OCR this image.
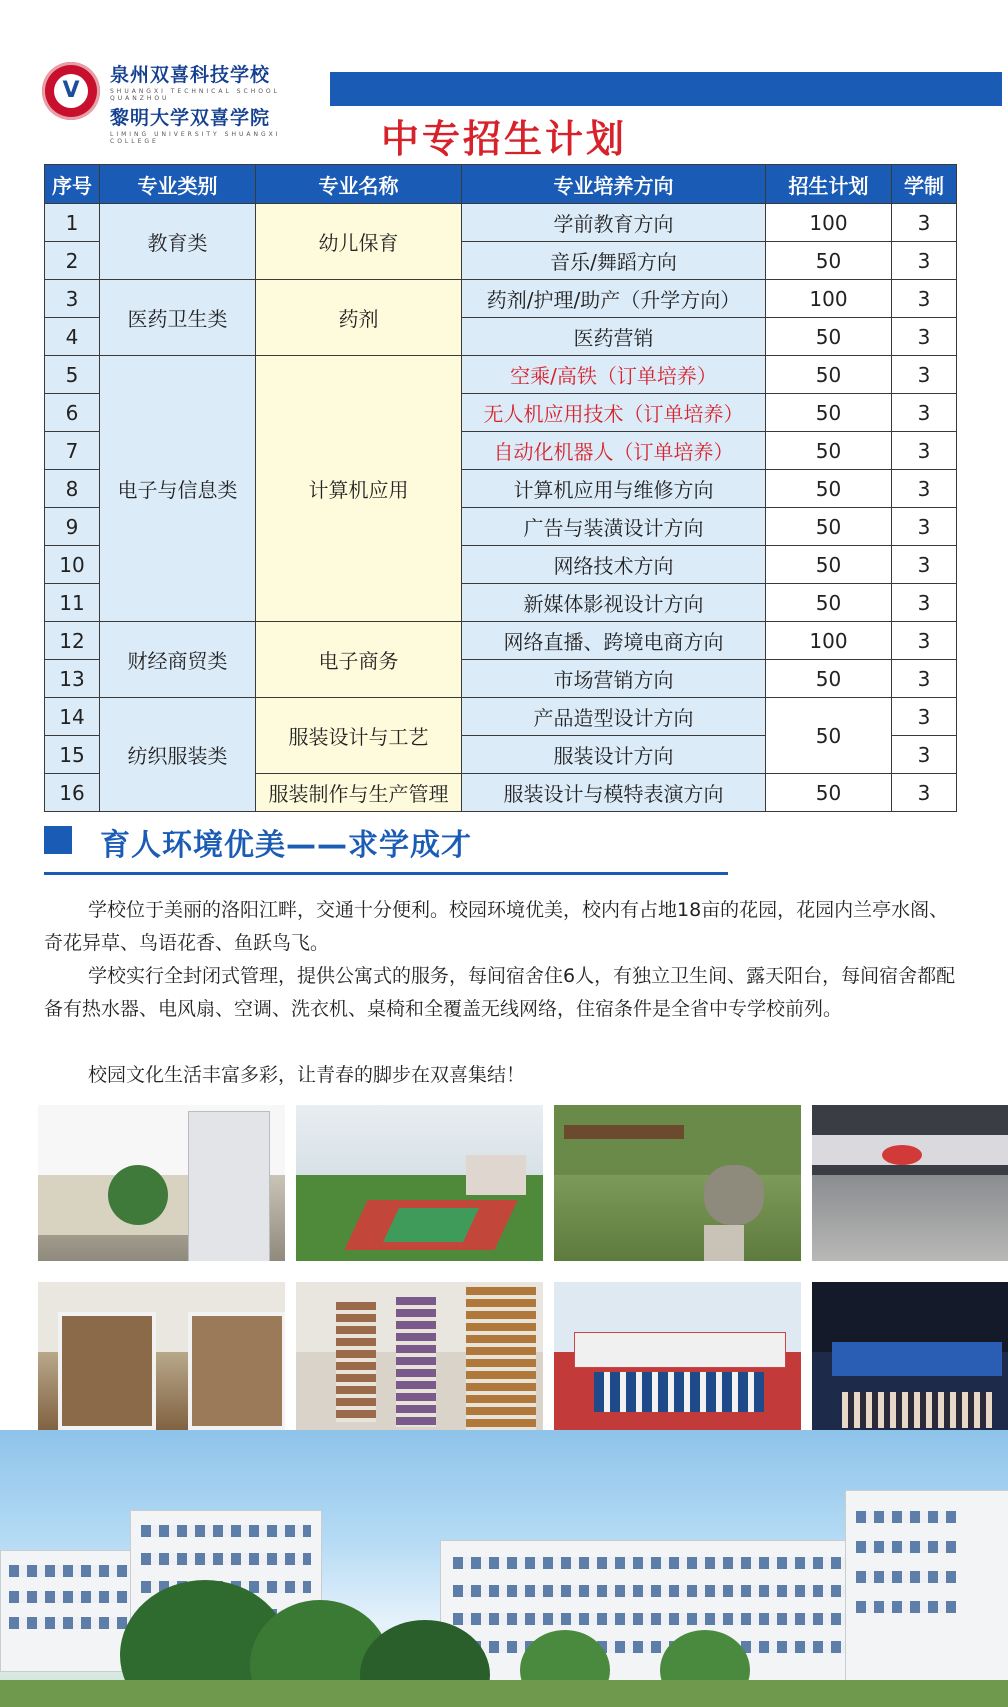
V
泉州双喜科技学校
SHUANGXI TECHNICAL SCHOOL QUANZHOU
黎明大学双喜学院
LIMING UNIVERSITY SHUANGXI COLLEGE	中专招生计划
序号	专业类别	专业名称	专业培养方向	招生计划	学制
1	教育类	幼儿保育	学前教育方向	100	3
2			音乐/舞蹈方向	50	3
3	医药卫生类	药剂	药剂/护理/助产（升学方向）	100	3
4			医药营销	50	3
5	电子与信息类	计算机应用	空乘/高铁（订单培养）	50	3
6			无人机应用技术（订单培养）	50	3
7			自动化机器人（订单培养）	50	3
8			计算机应用与维修方向	50	3
9			广告与装潢设计方向	50	3
10			网络技术方向	50	3
11			新媒体影视设计方向	50	3
12	财经商贸类	电子商务	网络直播、跨境电商方向	100	3
13			市场营销方向	50	3
14	纺织服装类	服装设计与工艺	产品造型设计方向	50	3
15			服装设计方向		3
16		服装制作与生产管理	服装设计与模特表演方向	50	3
育人环境优美——求学成才
学校位于美丽的洛阳江畔，交通十分便利。校园环境优美，校内有占地18亩的花园，花园内兰亭水阁、奇花异草、鸟语花香、鱼跃鸟飞。
学校实行全封闭式管理，提供公寓式的服务，每间宿舍住6人，有独立卫生间、露天阳台，每间宿舍都配备有热水器、电风扇、空调、洗衣机、桌椅和全覆盖无线网络，住宿条件是全省中专学校前列。
校园文化生活丰富多彩，让青春的脚步在双喜集结！
